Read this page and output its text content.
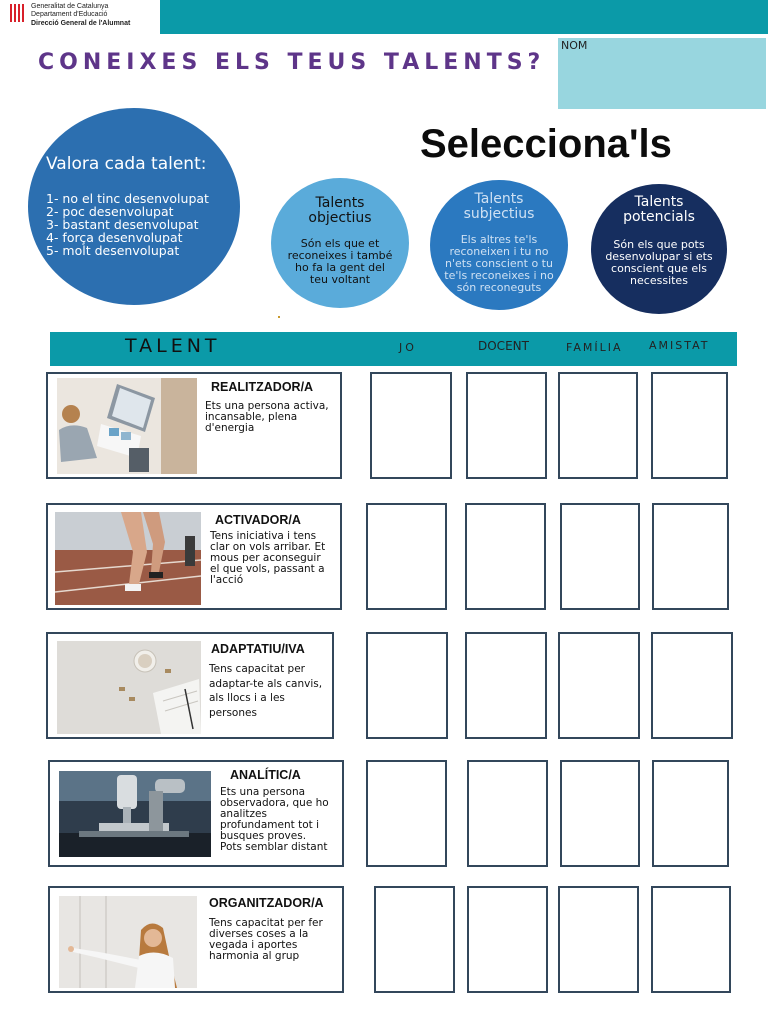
Generalitat de Catalunya
Departament d'Educació
Direcció General de l'Alumnat
CONEIXES ELS TEUS TALENTS?
NOM
Valora cada talent:
1- no el tinc desenvolupat
2- poc desenvolupat
3- bastant desenvolupat
4- força desenvolupat
5- molt desenvolupat
Selecciona'ls
Talents
objectius
Són els que et
reconeixes i també
ho fa la gent del
teu voltant
Talents
subjectius
Els altres te'ls
reconeixen i tu no
n'ets conscient o tu
te'ls reconeixes i no
són reconeguts
Talents
potencials
Són els que pots
desenvolupar si ets
conscient que els
necessites
TALENT	JO	DOCENT	FAMÍLIA AMISTAT
REALITZADOR/A
Ets una persona activa,
incansable, plena
d'energia
ACTIVADOR/A
Tens iniciativa i tens
clar on vols arribar. Et
mous per aconseguir
el que vols, passant a
l'acció
ADAPTATIU/IVA
Tens capacitat per
adaptar-te als canvis,
als llocs i a les
persones
ANALÍTIC/A
Ets una persona
observadora, que ho
analitzes
profundament tot i
busques proves.
Pots semblar distant
ORGANITZADOR/A
Tens capacitat per fer
diverses coses a la
vegada i aportes
harmonia al grup
